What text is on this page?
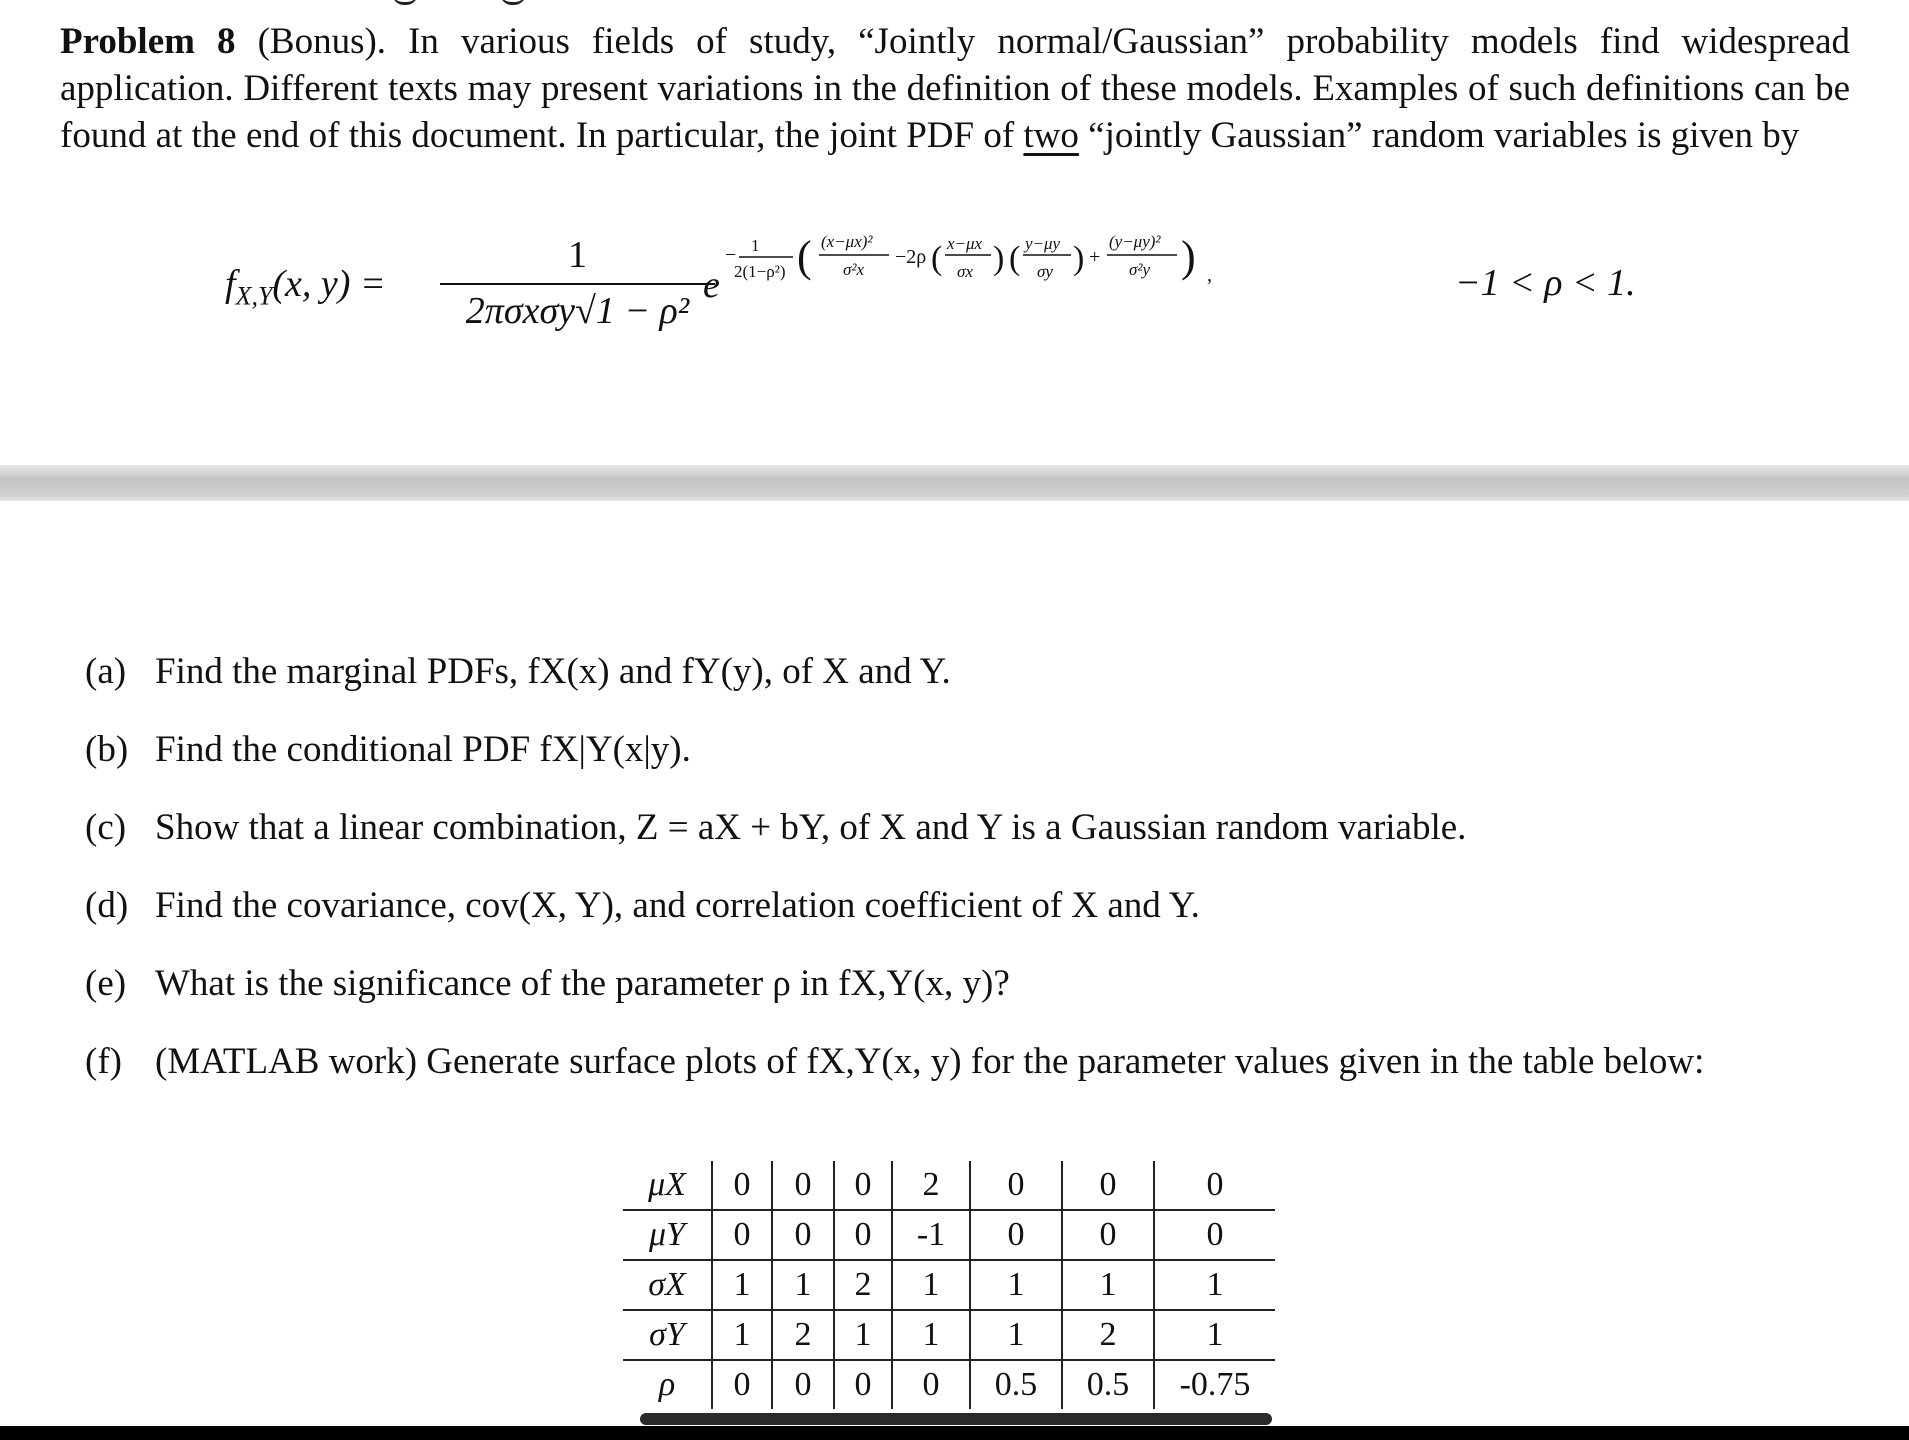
Problem 8 (Bonus). In various fields of study, “Jointly normal/Gaussian” probability models find widespread application. Different texts may present variations in the definition of these models. Examples of such definitions can be found at the end of this document. In particular, the joint PDF of two “jointly Gaussian” random variables is given by
$f_{X,Y}(x$, y) =
1
2πσxσy√1 − ρ²
e
− 1
2(1−ρ²) ( (x−μx)²
σ²x
−2ρ ( x−μx
σx ) ( y−μy
σy ) +
(y−μy)²
σ²y ) ,	−1 < ρ < 1.
(a) Find the marginal PDFs, fX(x) and fY(y), of X and Y.
(b) Find the conditional PDF fX|Y(x|y).
(c) Show that a linear combination, Z = aX + bY, of X and Y is a Gaussian random variable.
(d) Find the covariance, cov(X, Y), and correlation coefficient of X and Y.
(e) What is the significance of the parameter ρ in fX,Y(x, y)?
(f) (MATLAB work) Generate surface plots of fX,Y(x, y) for the parameter values given in the table below:
μX	0	0	0	2	0	0	0
μY	0	0	0	-1	0	0	0
σX	1	1	2	1	1	1	1
σY	1	2	1	1	1	2	1
ρ	0	0	0	0	0.5	0.5	-0.75
